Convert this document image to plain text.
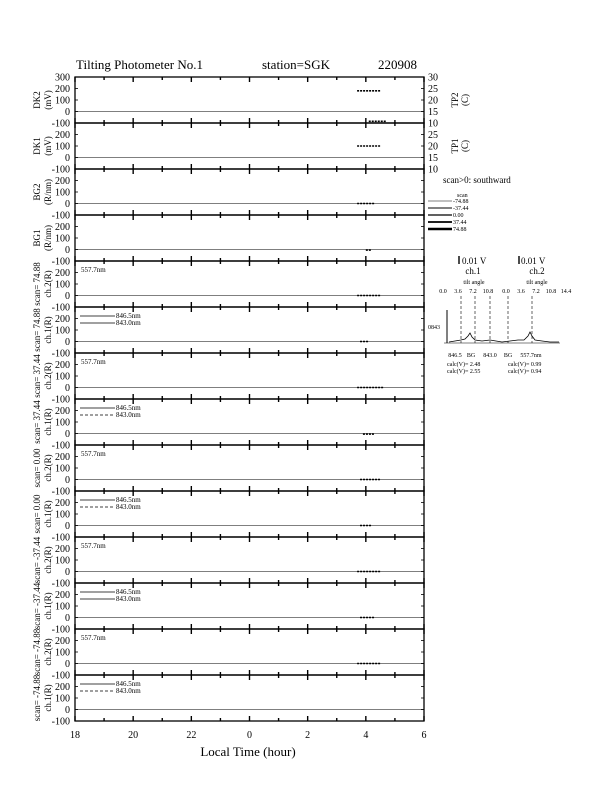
Tilting Photometer No.1	station=SGK	220908
300
200
100
0
-100
DK2 (mV)
30
25
20
15
10
TP2 (C)
200
100
0
-100
DK1 (mV)
25
20
15
10
TP1 (C)
200
100
0
-100
BG2 (R/nm)
200
100
0
-100
BG1 (R/nm)
200
100
0
-100
scan= 74.88 ch.2(R)
557.7nm
200
100
0
-100
scan= 74.88 ch.1(R)
846.5nm
843.0nm
200
100
0
-100
scan= 37.44 ch.2(R)
557.7nm
200
100
0
-100
scan= 37.44 ch.1(R)
846.5nm
843.0nm
200
100
0
-100
scan= 0.00 ch.2(R)
557.7nm
200
100
0
-100
scan= 0.00 ch.1(R)
846.5nm
843.0nm
200
100
0
-100
scan= -37.44 ch.2(R)
557.7nm
200
100
0
-100
scan= -37.44 ch.1(R)
846.5nm
843.0nm
200
100
0
-100
scan= -74.88 ch.2(R)
557.7nm
200
100
0
-100
scan= -74.88 ch.1(R)
846.5nm
843.0nm
18	20	22	0	2	4	6
Local Time (hour)
scan>0: southward
scan
-74.88
-37.44
0.00
37.44
74.88
0.01 V
ch.1
0.01 V
ch.2
tilt angle	tilt angle
0.0 3.6 7.2 10.8 0.0 3.6 7.2 10.8 14.4
0843
846.5 BG 843.0 BG 557.7nm
calc(V)= 2.48
calc(V)= 2.55
calc(V)= 0.99
calc(V)= 0.94
